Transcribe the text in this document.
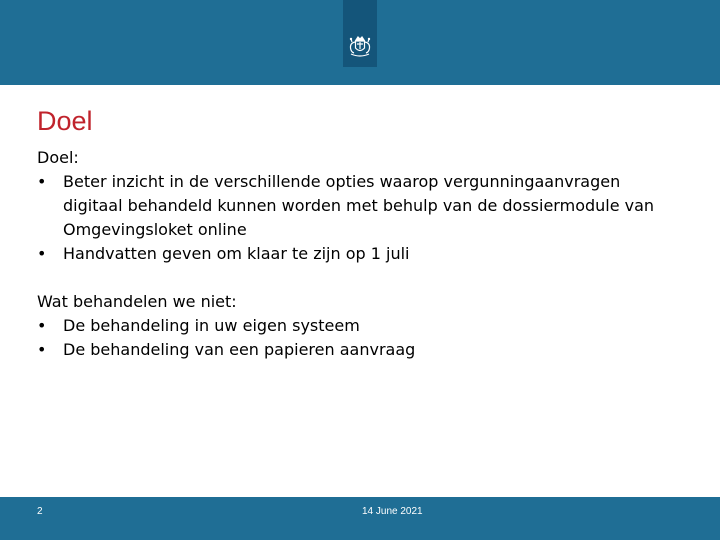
Doel

Doel:

•	Beter inzicht in de verschillende opties waarop vergunningaanvragen digitaal behandeld kunnen worden met behulp van de dossiermodule van Omgevingsloket online
•	Handvatten geven om klaar te zijn op 1 juli

Wat behandelen we niet:

•	De behandeling in uw eigen systeem
•	De behandeling van een papieren aanvraag
2	14 June 2021
